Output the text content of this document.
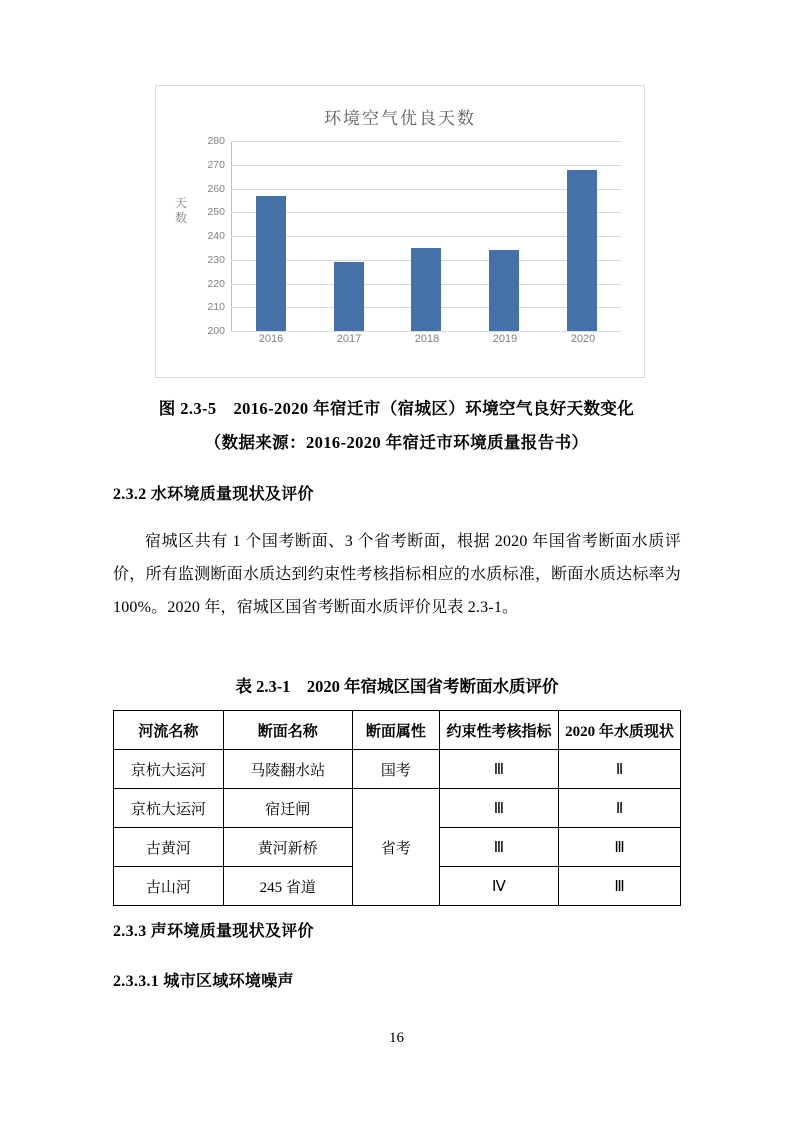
环境空气优良天数
天数
280
270
260
250
240
230
220
210
200
2016	2017	2018	2019	2020
图 2.3-5　2016-2020 年宿迁市（宿城区）环境空气良好天数变化
（数据来源：2016-2020 年宿迁市环境质量报告书）
2.3.2 水环境质量现状及评价
宿城区共有 1 个国考断面、3 个省考断面，根据 2020 年国省考断面水质评价，所有监测断面水质达到约束性考核指标相应的水质标准，断面水质达标率为 100%。2020 年，宿城区国省考断面水质评价见表 2.3-1。
表 2.3-1　2020 年宿城区国省考断面水质评价
河流名称	断面名称	断面属性	约束性考核指标	2020 年水质现状
京杭大运河	马陵翻水站	国考	Ⅲ	Ⅱ
京杭大运河	宿迁闸	省考	Ⅲ	Ⅱ
古黄河	黄河新桥		Ⅲ	Ⅲ
古山河	245 省道		Ⅳ	Ⅲ
2.3.3 声环境质量现状及评价
2.3.3.1 城市区域环境噪声
16
